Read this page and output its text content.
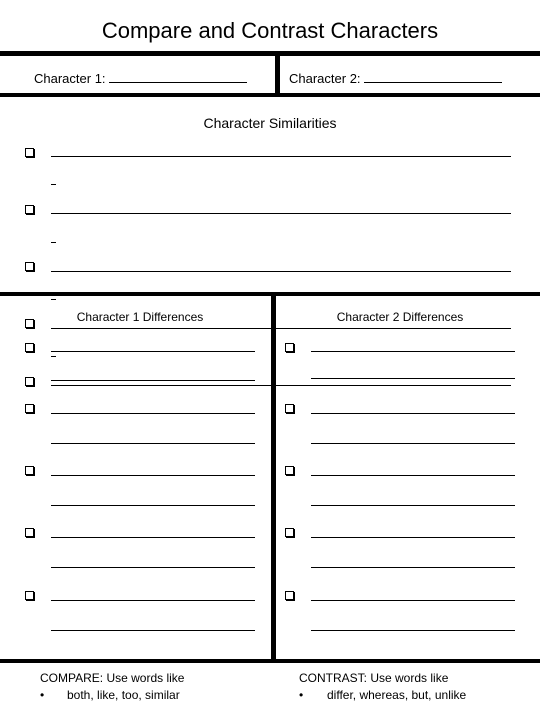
Compare and Contrast Characters
Character 1:	Character 2:
Character Similarities
Character 1 Differences	Character 2 Differences
COMPARE: Use words like
• both, like, too, similar
CONTRAST: Use words like
• differ, whereas, but, unlike
